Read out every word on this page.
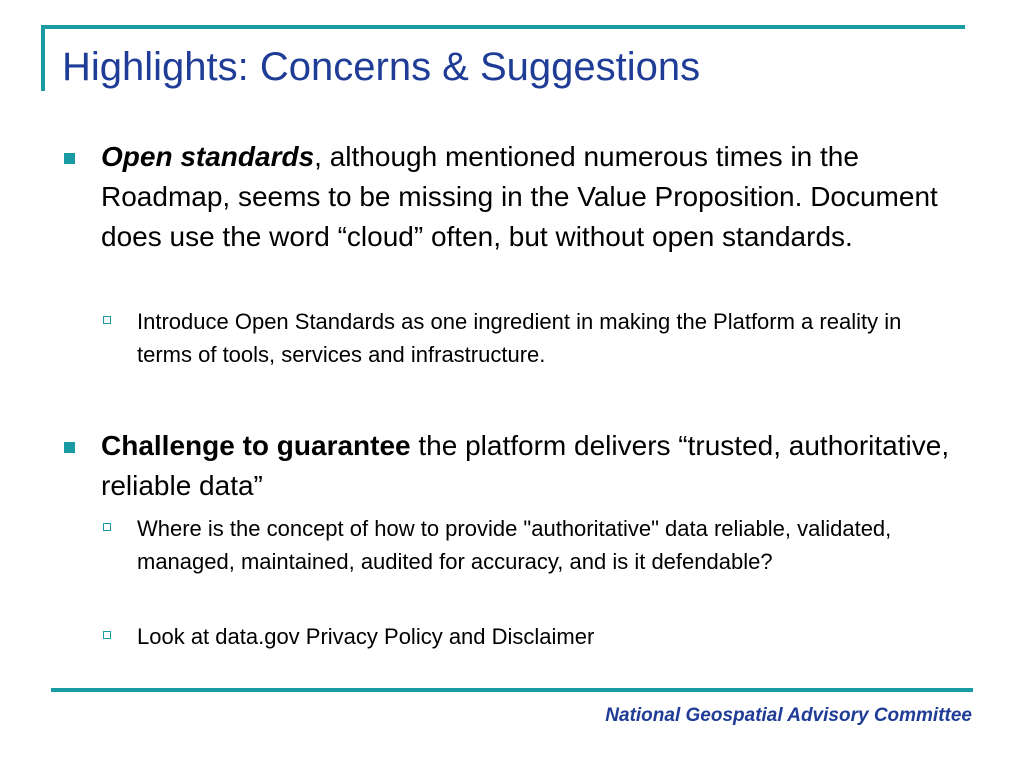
Highlights: Concerns & Suggestions
Open standards, although mentioned numerous times in the Roadmap, seems to be missing in the Value Proposition. Document does use the word “cloud” often, but without open standards.
Introduce Open Standards as one ingredient in making the Platform a reality in terms of tools, services and infrastructure.
Challenge to guarantee the platform delivers “trusted, authoritative, reliable data”
Where is the concept of how to provide "authoritative" data reliable, validated, managed, maintained, audited for accuracy, and is it defendable?
Look at data.gov Privacy Policy and Disclaimer
National Geospatial Advisory Committee
